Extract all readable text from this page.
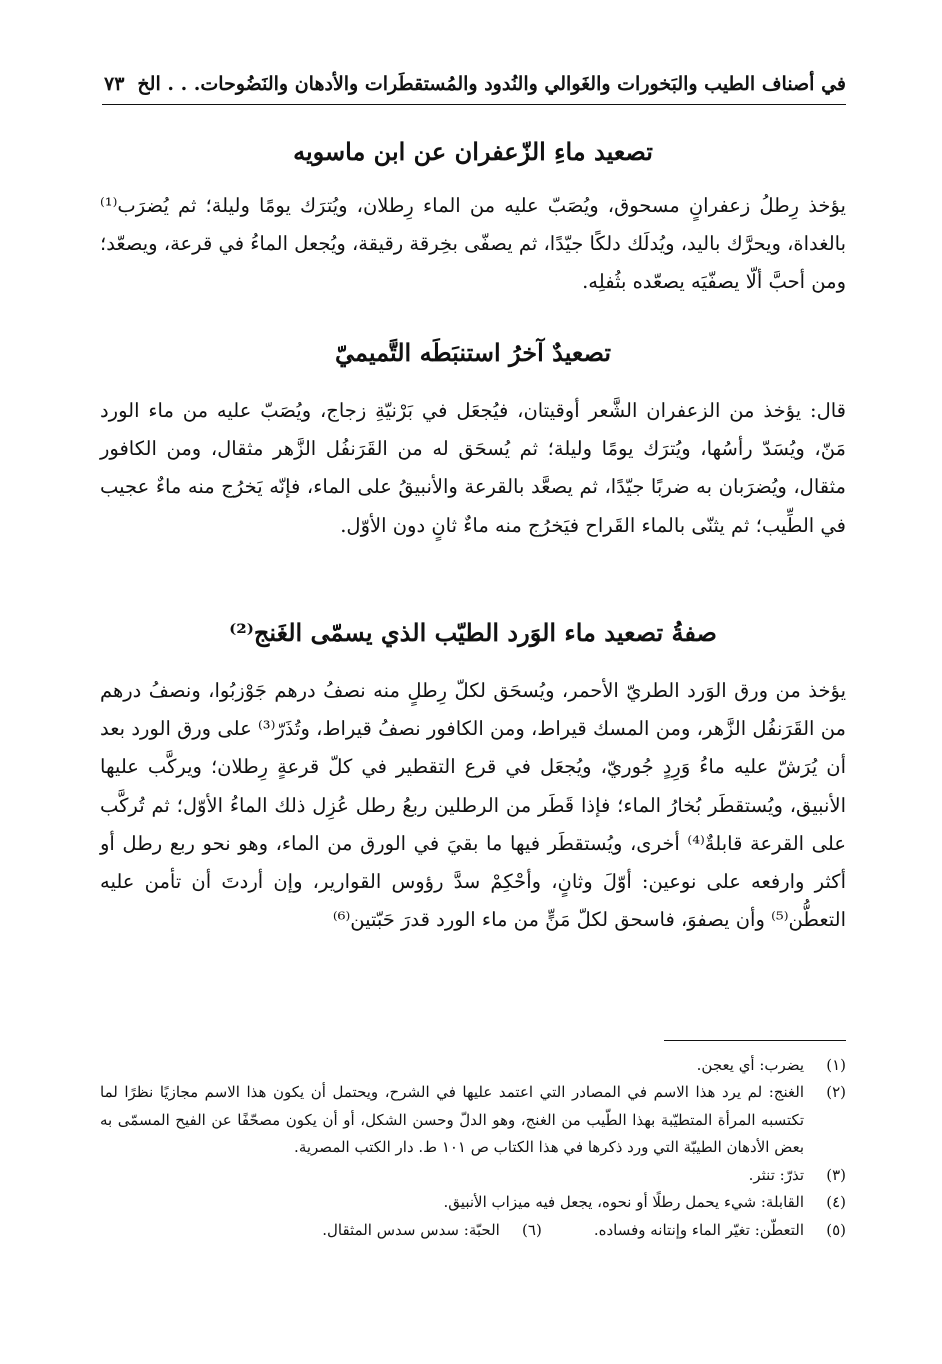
في أصناف الطيب والبَخورات والغَوالي والنُدود والمُستقطَرات والأدهان والنَضُوحات. . . الخ
٧٣
تصعيد ماءِ الزّعفران عن ابن ماسويه

يؤخذ رِطلُ زعفرانٍ مسحوق، ويُصَبّ عليه من الماء رِطلان، ويُترَك يومًا وليلة؛ ثم يُضرَب⁽¹⁾ بالغداة، ويحرَّك باليد، ويُدلَك دلكًا جيّدًا، ثم يصفّى بخِرقة رقيقة، ويُجعل الماءُ في قرعة، ويصعّد؛ ومن أحبَّ ألّا يصفّيَه يصعّده بثُفلِه.

تصعيدٌ آخرُ استنبَطَه التَّميميّ

قال: يؤخذ من الزعفران الشَّعر أوقيتان، فيُجعَل في بَرْنيّةِ زجاج، ويُصَبّ عليه من ماء الورد مَنّ، ويُسَدّ رأسُها، ويُترَك يومًا وليلة؛ ثم يُسحَق له من القَرَنفُل الزَّهر مثقال، ومن الكافور مثقال، ويُضرَبان به ضربًا جيّدًا، ثم يصعَّد بالقرعة والأنبيقُ على الماء، فإنّه يَخرُج منه ماءٌ عجيب في الطِّيب؛ ثم يثنّى بالماء القَراح فيَخرُج منه ماءٌ ثانٍ دون الأوّل.

صفةُ تصعيد ماء الوَرد الطيّب الذي يسمّى الغَنج⁽²⁾

يؤخذ من ورق الوَرد الطريّ الأحمر، ويُسحَق لكلّ رِطلٍ منه نصفُ درهم جَوْزبُوا، ونصفُ درهم من القَرَنفُل الزَّهر، ومن المسك قيراط، ومن الكافور نصفُ قيراط، وتُذَرّ⁽³⁾ على ورق الورد بعد أن يُرَشّ عليه ماءُ وَرِدٍ جُوريّ، ويُجعَل في قرع التقطير في كلّ قرعةٍ رِطلان؛ ويركَّب عليها الأنبيق، ويُستقطَر بُخارُ الماء؛ فإذا قَطَر من الرطلين ربعُ رطل عُزِل ذلك الماءُ الأوّل؛ ثم تُركَّب على القرعة قابلةٌ⁽⁴⁾ أخرى، ويُستقطَر فيها ما بقيَ في الورق من الماء، وهو نحو ربع رطل أو أكثر وارفعه على نوعين: أوّلَ وثانٍ، وأحْكِمْ سدَّ رؤوس القوارير، وإن أردتَ أن تأمن عليه التعطُّن⁽⁵⁾ وأن يصفوَ، فاسحق لكلّ مَنٍّ من ماء الورد قدرَ حَبّتين⁽⁶⁾

(١)
يضرب: أي يعجن.
(٢)
الغنج: لم يرد هذا الاسم في المصادر التي اعتمد عليها في الشرح، ويحتمل أن يكون هذا الاسم مجازيًا نظرًا لما تكتسبه المرأة المتطيّبة بهذا الطّيب من الغنج، وهو الدلّ وحسن الشكل، أو أن يكون مصحّفًا عن الفيح المسمّى به بعض الأدهان الطيبّة التي ورد ذكرها في هذا الكتاب ص ١٠١ ط. دار الكتب المصرية.
(٣)
تذرّ: تنثر.
(٤)
القابلة: شيء يحمل رطلًا أو نحوه، يجعل فيه ميزاب الأنبيق.
(٥)
التعطّن: تغيّر الماء وإنتانه وفساده.
(٦)
الحبّة: سدس سدس المثقال.
